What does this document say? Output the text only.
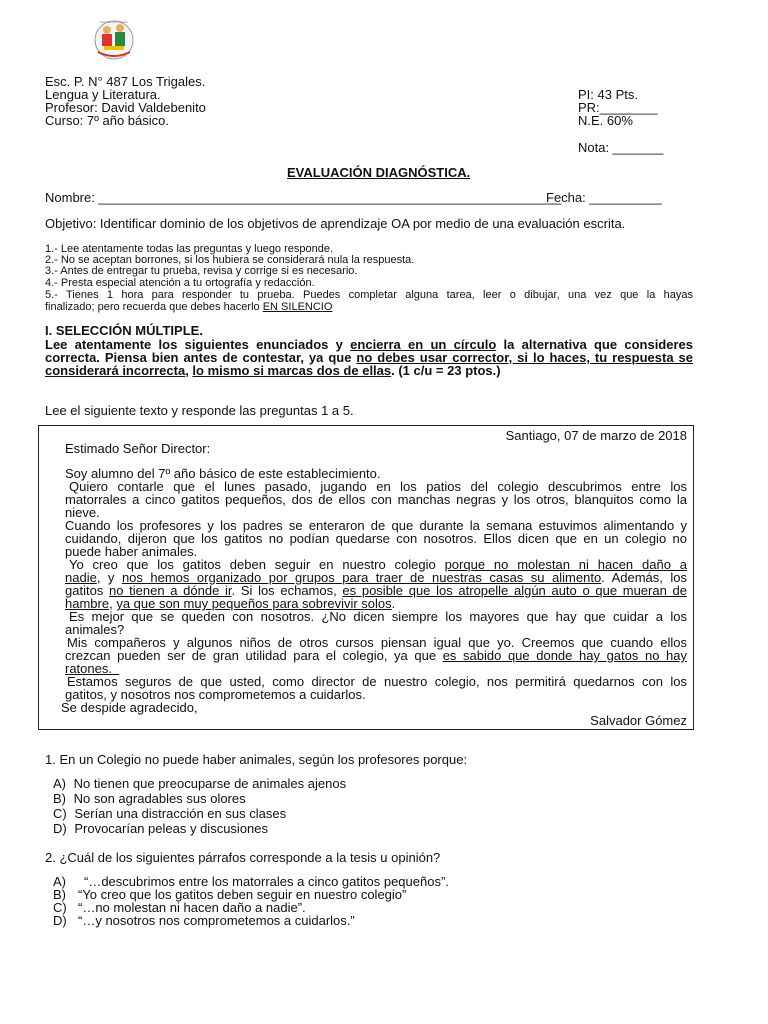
Escuela Los Trigales
Esc. P. N° 487 Los Trigales.
Lengua y Literatura.
Profesor: David Valdebenito
Curso: 7º año básico.
PI: 43 Pts.
PR:________
N.E. 60%
Nota: _______
EVALUACIÓN DIAGNÓSTICA.
Nombre: ________________________________________________________________
Fecha: __________
Objetivo: Identificar dominio de los objetivos de aprendizaje OA por medio de una evaluación escrita.
1.- Lee atentamente todas las preguntas y luego responde.
2.- No se aceptan borrones, si los hubiera se considerará nula la respuesta.
3.- Antes de entregar tu prueba, revisa y corrige si es necesario.
4.- Presta especial atención a tu ortografía y redacción.
5.- Tienes 1 hora para responder tu prueba. Puedes completar alguna tarea, leer o dibujar, una vez que la hayas
finalizado; pero recuerda que debes hacerlo EN SILENCIO
I. SELECCIÓN MÚLTIPLE.
Lee atentamente los siguientes enunciados y encierra en un círculo la alternativa que consideres
correcta. Piensa bien antes de contestar, ya que no debes usar corrector, si lo haces, tu respuesta se
considerará incorrecta, lo mismo si marcas dos de ellas. (1 c/u = 23 ptos.)
Lee el siguiente texto y responde las preguntas 1 a 5.
Santiago, 07 de marzo de 2018
Estimado Señor Director:
Soy alumno del 7º año básico de este establecimiento.
Quiero contarle que el lunes pasado, jugando en los patios del colegio descubrimos entre los
matorrales a cinco gatitos pequeños, dos de ellos con manchas negras y los otros, blanquitos como la
nieve.
Cuando los profesores y los padres se enteraron de que durante la semana estuvimos alimentando y
cuidando, dijeron que los gatitos no podían quedarse con nosotros. Ellos dicen que en un colegio no
puede haber animales.
Yo creo que los gatitos deben seguir en nuestro colegio porque no molestan ni hacen daño a
nadie, y nos hemos organizado por grupos para traer de nuestras casas su alimento. Además, los
gatitos no tienen a dónde ir. Si los echamos, es posible que los atropelle algún auto o que mueran de
hambre, ya que son muy pequeños para sobrevivir solos.
Es mejor que se queden con nosotros. ¿No dicen siempre los mayores que hay que cuidar a los
animales?
Mis compañeros y algunos niños de otros cursos piensan igual que yo. Creemos que cuando ellos
crezcan pueden ser de gran utilidad para el colegio, ya que es sabido que donde hay gatos no hay
ratones.
Estamos seguros de que usted, como director de nuestro colegio, nos permitirá quedarnos con los
gatitos, y nosotros nos comprometemos a cuidarlos.
Se despide agradecido,
Salvador Gómez
1. En un Colegio no puede haber animales, según los profesores porque:
A) No tienen que preocuparse de animales ajenos
B) No son agradables sus olores
C) Serían una distracción en sus clases
D) Provocarían peleas y discusiones
2. ¿Cuál de los siguientes párrafos corresponde a la tesis u opinión?
A) “…descubrimos entre los matorrales a cinco gatitos pequeños”.
B) “Yo creo que los gatitos deben seguir en nuestro colegio”
C) “…no molestan ni hacen daño a nadie”.
D) “…y nosotros nos comprometemos a cuidarlos.”
